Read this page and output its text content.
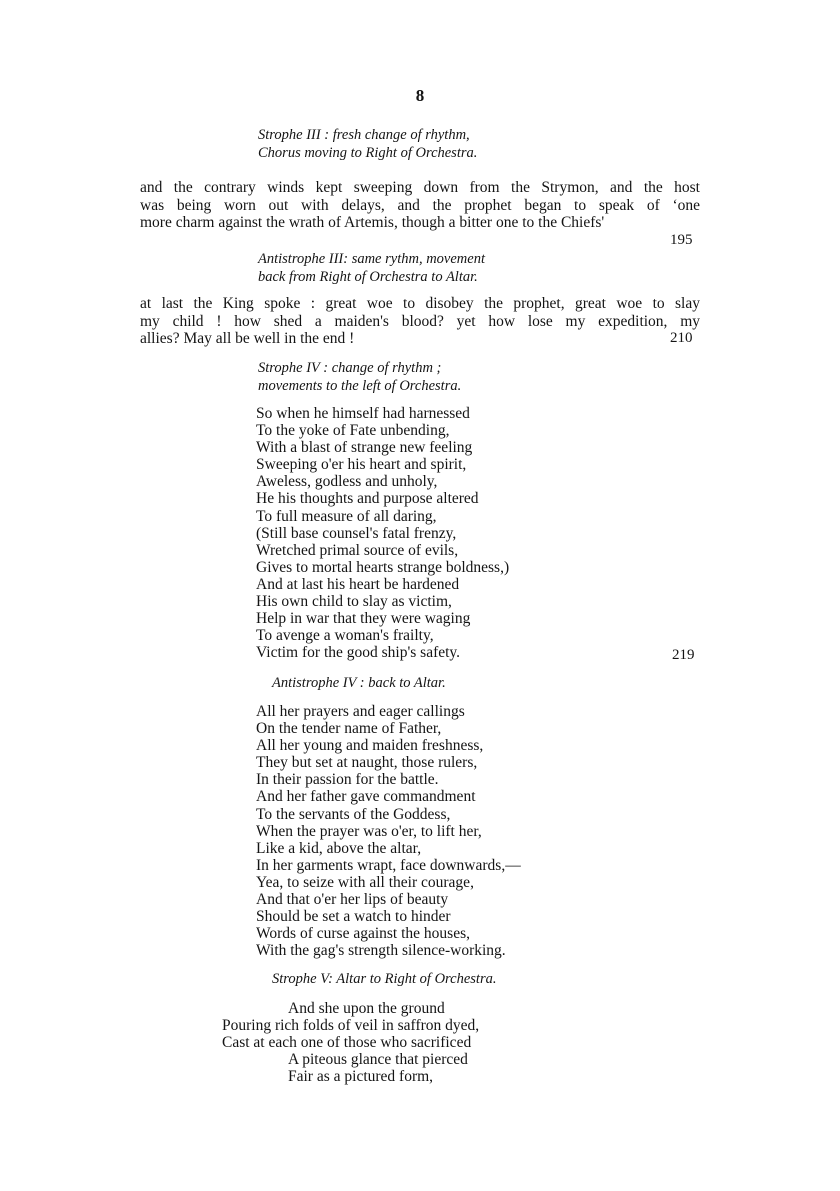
8
Strophe III : fresh change of rhythm,
Chorus moving to Right of Orchestra.
and the contrary winds kept sweeping down from the Strymon, and the host
was being worn out with delays, and the prophet began to speak of ‘one
more charm against the wrath of Artemis, though a bitter one to the Chiefs'
195
Antistrophe III: same rythm, movement
back from Right of Orchestra to Altar.
at last the King spoke : great woe to disobey the prophet, great woe to slay
my child ! how shed a maiden's blood? yet how lose my expedition, my
allies? May all be well in the end !	210
Strophe IV : change of rhythm ;
movements to the left of Orchestra.
So when he himself had harnessed
To the yoke of Fate unbending,
With a blast of strange new feeling
Sweeping o'er his heart and spirit,
Aweless, godless and unholy,
He his thoughts and purpose altered
To full measure of all daring,
(Still base counsel's fatal frenzy,
Wretched primal source of evils,
Gives to mortal hearts strange boldness,)
And at last his heart be hardened
His own child to slay as victim,
Help in war that they were waging
To avenge a woman's frailty,
Victim for the good ship's safety.	219
Antistrophe IV : back to Altar.
All her prayers and eager callings
On the tender name of Father,
All her young and maiden freshness,
They but set at naught, those rulers,
In their passion for the battle.
And her father gave commandment
To the servants of the Goddess,
When the prayer was o'er, to lift her,
Like a kid, above the altar,
In her garments wrapt, face downwards,—
Yea, to seize with all their courage,
And that o'er her lips of beauty
Should be set a watch to hinder
Words of curse against the houses,
With the gag's strength silence-working.
Strophe V: Altar to Right of Orchestra.
And she upon the ground
Pouring rich folds of veil in saffron dyed,
Cast at each one of those who sacrificed
A piteous glance that pierced
Fair as a pictured form,
